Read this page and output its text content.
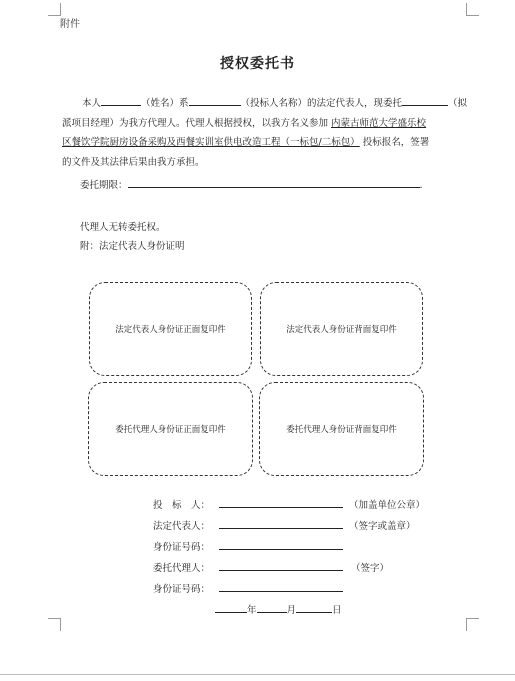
附件
授权委托书
本人	（姓名）系	（投标人名称）的法定代表人，现委托	（拟
派项目经理）为我方代理人。代理人根据授权，以我方名义参加 内蒙古师范大学盛乐校
区餐饮学院厨房设备采购及西餐实训室供电改造工程（一标包/二标包） 投标报名，签署
的文件及其法律后果由我方承担。
委托期限：	.
代理人无转委托权。
附：法定代表人身份证明
法定代表人身份证正面复印件	法定代表人身份证背面复印件
委托代理人身份证正面复印件	委托代理人身份证背面复印件
投　标　人：	（加盖单位公章）
法定代表人：	（签字或盖章）
身份证号码：
委托代理人：	（签字）
身份证号码：
年	月	日
